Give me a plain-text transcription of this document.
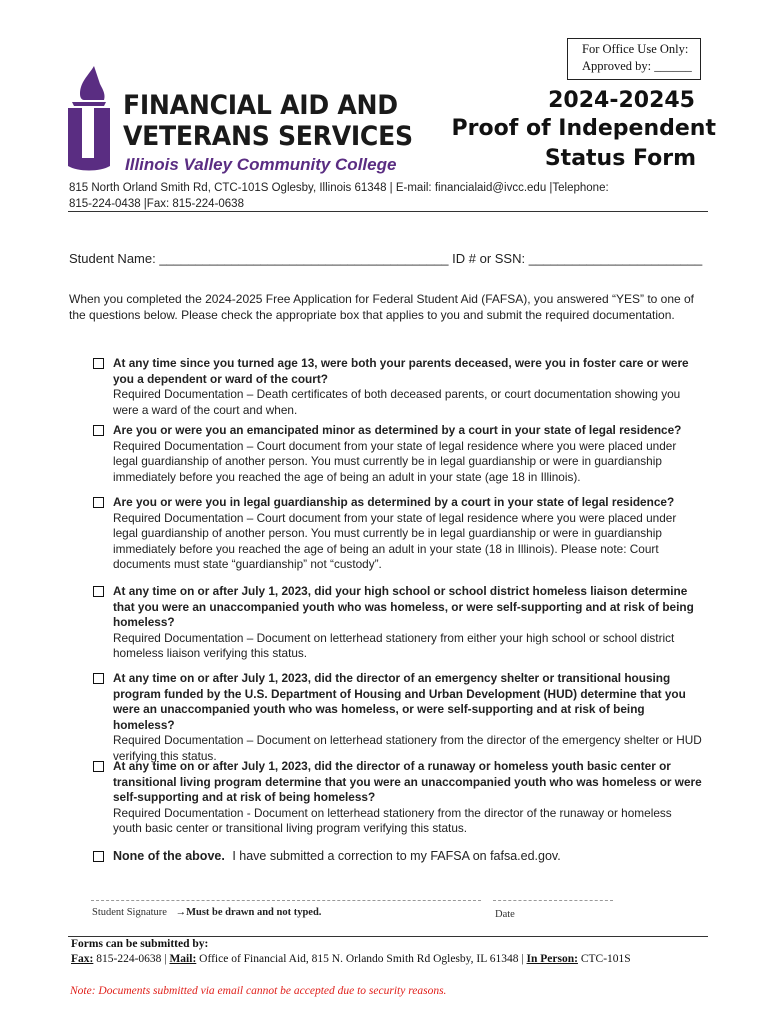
For Office Use Only:
Approved by: ______
FINANCIAL AID AND
VETERANS SERVICES
Illinois Valley Community College
2024-20245
Proof of Independent
Status Form
815 North Orland Smith Rd, CTC-101S Oglesby, Illinois 61348 | E-mail: financialaid@ivcc.edu |Telephone: 815-224-0438 |Fax: 815-224-0638
Student Name: ________________________________________ ID # or SSN: ________________________
When you completed the 2024-2025 Free Application for Federal Student Aid (FAFSA), you answered “YES” to one of the questions below. Please check the appropriate box that applies to you and submit the required documentation.
At any time since you turned age 13, were both your parents deceased, were you in foster care or were you a dependent or ward of the court?
Required Documentation – Death certificates of both deceased parents, or court documentation showing you were a ward of the court and when.
Are you or were you an emancipated minor as determined by a court in your state of legal residence?
Required Documentation – Court document from your state of legal residence where you were placed under legal guardianship of another person. You must currently be in legal guardianship or were in guardianship immediately before you reached the age of being an adult in your state (age 18 in Illinois).
Are you or were you in legal guardianship as determined by a court in your state of legal residence?
Required Documentation – Court document from your state of legal residence where you were placed under legal guardianship of another person. You must currently be in legal guardianship or were in guardianship immediately before you reached the age of being an adult in your state (18 in Illinois). Please note: Court documents must state “guardianship” not “custody”.
At any time on or after July 1, 2023, did your high school or school district homeless liaison determine that you were an unaccompanied youth who was homeless, or were self-supporting and at risk of being homeless?
Required Documentation – Document on letterhead stationery from either your high school or school district homeless liaison verifying this status.
At any time on or after July 1, 2023, did the director of an emergency shelter or transitional housing program funded by the U.S. Department of Housing and Urban Development (HUD) determine that you were an unaccompanied youth who was homeless, or were self-supporting and at risk of being homeless?
Required Documentation – Document on letterhead stationery from the director of the emergency shelter or HUD verifying this status.
At any time on or after July 1, 2023, did the director of a runaway or homeless youth basic center or transitional living program determine that you were an unaccompanied youth who was homeless or were self-supporting and at risk of being homeless?
Required Documentation - Document on letterhead stationery from the director of the runaway or homeless youth basic center or transitional living program verifying this status.
None of the above. I have submitted a correction to my FAFSA on fafsa.ed.gov.
Student Signature →Must be drawn and not typed.	Date
Forms can be submitted by:
Fax: 815-224-0638 | Mail: Office of Financial Aid, 815 N. Orlando Smith Rd Oglesby, IL 61348 | In Person: CTC-101S
Note: Documents submitted via email cannot be accepted due to security reasons.
